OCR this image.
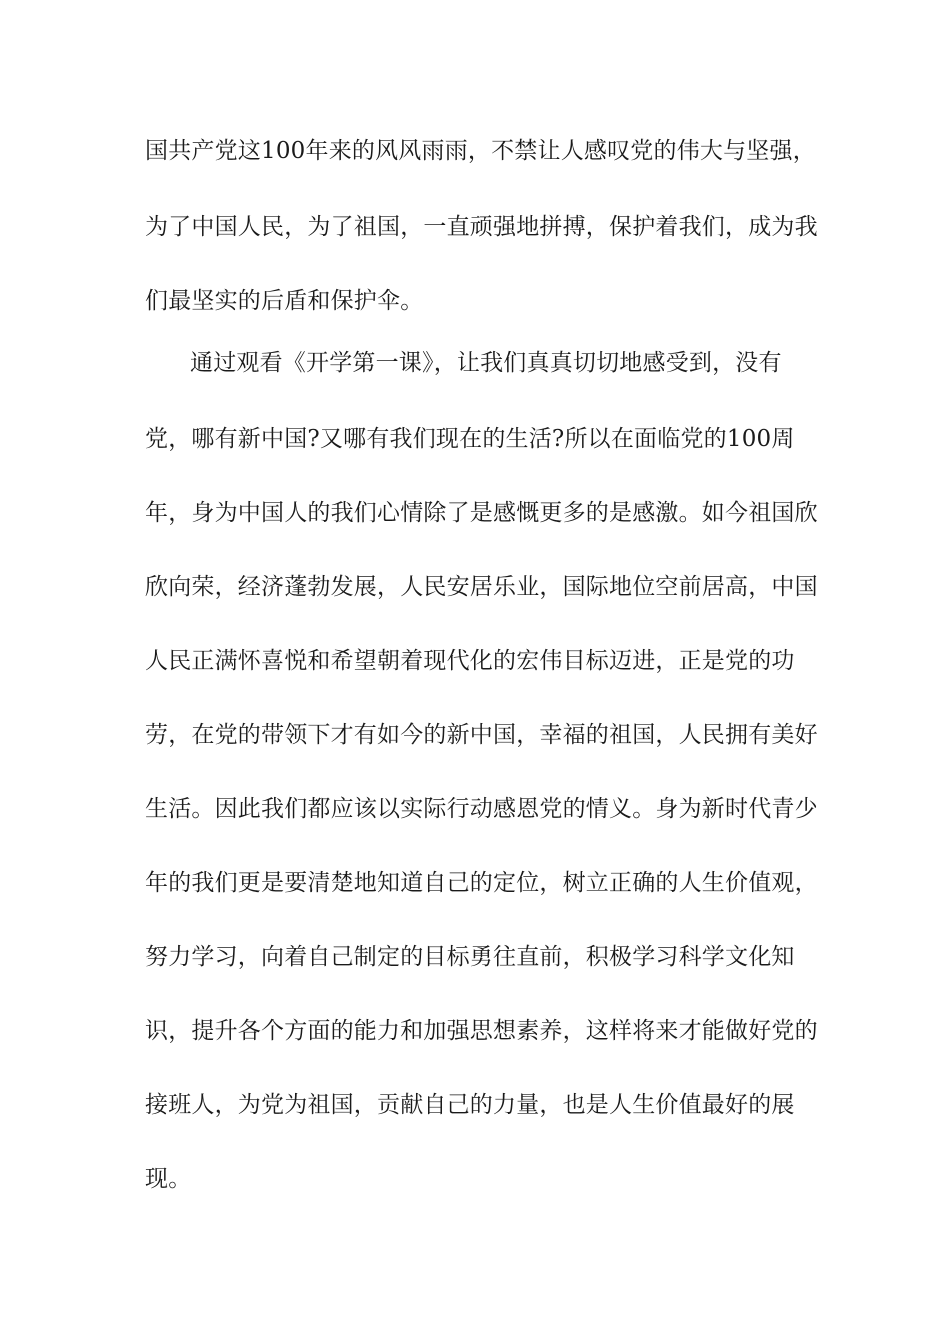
国共产党这100年来的风风雨雨，不禁让人感叹党的伟大与坚强，
为了中国人民，为了祖国，一直顽强地拼搏，保护着我们，成为我
们最坚实的后盾和保护伞。
通过观看《开学第一课》，让我们真真切切地感受到，没有
党，哪有新中国?又哪有我们现在的生活?所以在面临党的100周
年，身为中国人的我们心情除了是感慨更多的是感激。如今祖国欣
欣向荣，经济蓬勃发展，人民安居乐业，国际地位空前居高，中国
人民正满怀喜悦和希望朝着现代化的宏伟目标迈进，正是党的功
劳，在党的带领下才有如今的新中国，幸福的祖国，人民拥有美好
生活。因此我们都应该以实际行动感恩党的情义。身为新时代青少
年的我们更是要清楚地知道自己的定位，树立正确的人生价值观，
努力学习，向着自己制定的目标勇往直前，积极学习科学文化知
识，提升各个方面的能力和加强思想素养，这样将来才能做好党的
接班人，为党为祖国，贡献自己的力量，也是人生价值最好的展
现。
